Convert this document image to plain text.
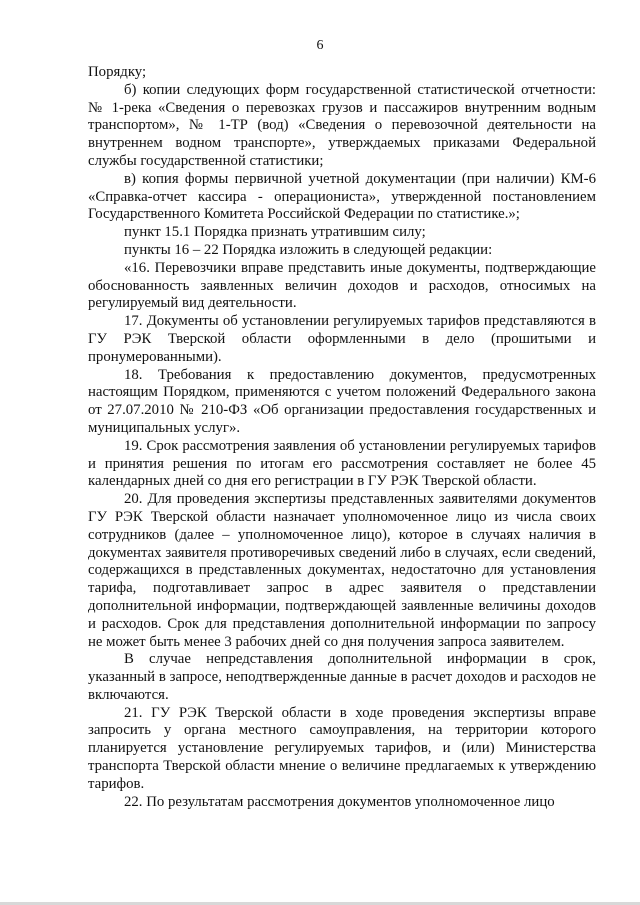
6

Порядку;

б) копии следующих форм государственной статистической отчетности: № 1-река «Сведения о перевозках грузов и пассажиров внутренним водным транспортом», № 1-ТР (вод) «Сведения о перевозочной деятельности на внутреннем водном транспорте», утверждаемых приказами Федеральной службы государственной статистики;

в) копия формы первичной учетной документации (при наличии) КМ-6 «Справка-отчет кассира - операциониста», утвержденной постановлением Государственного Комитета Российской Федерации по статистике.»;

пункт 15.1 Порядка признать утратившим силу;

пункты 16 – 22 Порядка изложить в следующей редакции:

«16. Перевозчики вправе представить иные документы, подтверждающие обоснованность заявленных величин доходов и расходов, относимых на регулируемый вид деятельности.

17. Документы об установлении регулируемых тарифов представляются в ГУ РЭК Тверской области оформленными в дело (прошитыми и пронумерованными).

18. Требования к предоставлению документов, предусмотренных настоящим Порядком, применяются с учетом положений Федерального закона от 27.07.2010 № 210-ФЗ «Об организации предоставления государственных и муниципальных услуг».

19. Срок рассмотрения заявления об установлении регулируемых тарифов и принятия решения по итогам его рассмотрения составляет не более 45 календарных дней со дня его регистрации в ГУ РЭК Тверской области.

20. Для проведения экспертизы представленных заявителями документов ГУ РЭК Тверской области назначает уполномоченное лицо из числа своих сотрудников (далее – уполномоченное лицо), которое в случаях наличия в документах заявителя противоречивых сведений либо в случаях, если сведений, содержащихся в представленных документах, недостаточно для установления тарифа, подготавливает запрос в адрес заявителя о представлении дополнительной информации, подтверждающей заявленные величины доходов и расходов. Срок для представления дополнительной информации по запросу не может быть менее 3 рабочих дней со дня получения запроса заявителем.

В случае непредставления дополнительной информации в срок, указанный в запросе, неподтвержденные данные в расчет доходов и расходов не включаются.

21. ГУ РЭК Тверской области в ходе проведения экспертизы вправе запросить у органа местного самоуправления, на территории которого планируется установление регулируемых тарифов, и (или) Министерства транспорта Тверской области мнение о величине предлагаемых к утверждению тарифов.

22. По результатам рассмотрения документов уполномоченное лицо
